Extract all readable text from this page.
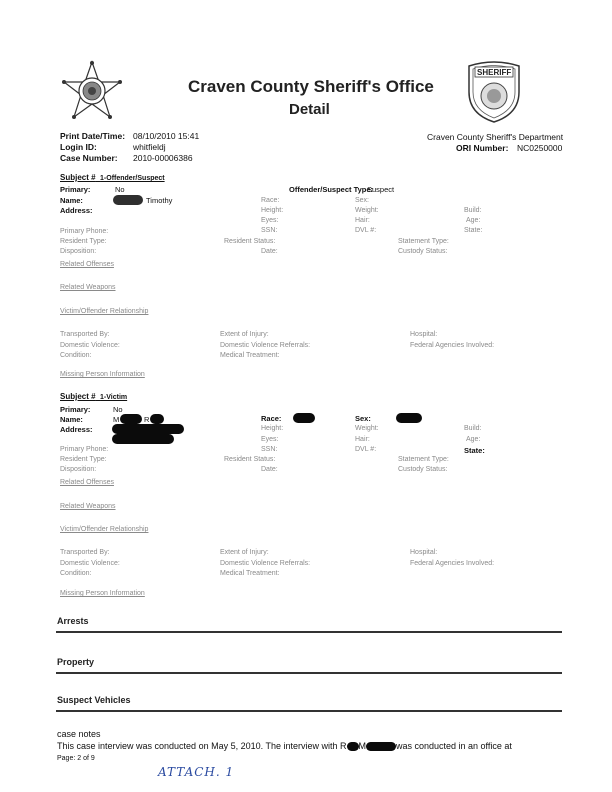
SHERIFF
Craven County Sheriff's Office
Detail
Print Date/Time: 08/10/2010 15:41
Login ID:	whitfieldj
Case Number: 2010-00006386
Craven County Sheriff's Department
ORI Number: NC0250000
Subject # 1-Offender/Suspect
Primary:	No
Name:	Timothy
Address:
Offender/Suspect Type:
Suspect
Race:	Sex:
Height:	Weight:	Build:
Eyes:	Hair:	Age:
SSN:	DVL #:	State:
Primary Phone:
Resident Type:	Resident Status:	Statement Type:
Disposition:	Date:	Custody Status:
Related Offenses
Related Weapons
Victim/Offender Relationship
Transported By:	Extent of Injury:	Hospital:
Domestic Violence:	Domestic Violence Referrals:	Federal Agencies Involved:
Condition:	Medical Treatment:
Missing Person Information
Subject # 1-Victim
Primary:	No
Name:	M	R
Address:
Race:	Sex:
Height:	Weight:	Build:
Eyes:	Hair:	Age:
SSN:	DVL #:	State:
Primary Phone:
Resident Type:	Resident Status:	Statement Type:
Disposition:	Date:	Custody Status:
Related Offenses
Related Weapons
Victim/Offender Relationship
Transported By:	Extent of Injury:	Hospital:
Domestic Violence:	Domestic Violence Referrals:	Federal Agencies Involved:
Condition:	Medical Treatment:
Missing Person Information
Arrests
Property
Suspect Vehicles
case notes
This case interview was conducted on May 5, 2010. The interview with R M	was conducted in an office at
Page: 2 of 9
ATTACH. 1
